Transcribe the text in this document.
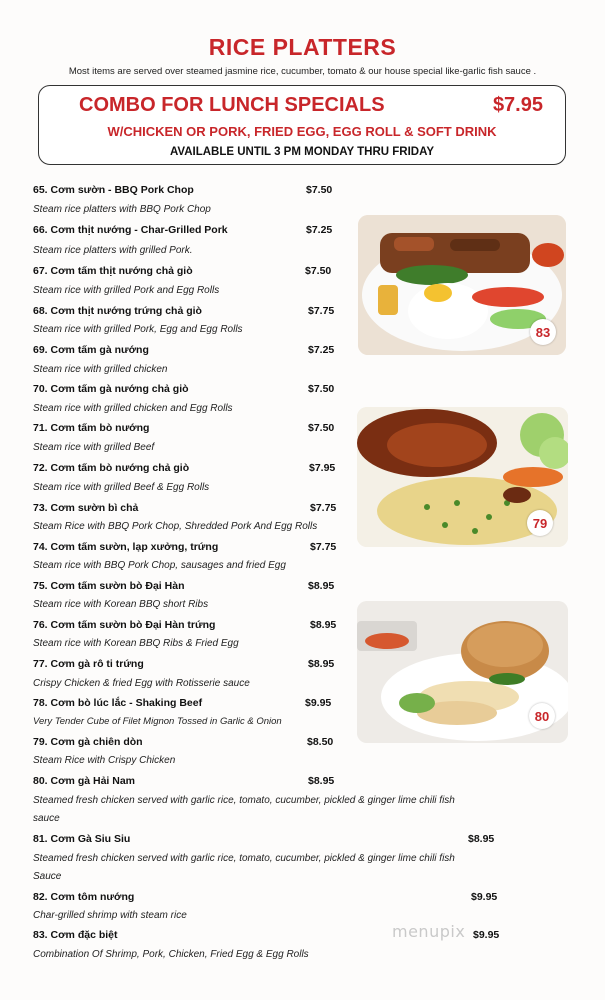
RICE PLATTERS
Most items are served over steamed jasmine rice, cucumber, tomato & our house special like-garlic fish sauce .
COMBO FOR LUNCH SPECIALS	$7.95
W/CHICKEN OR PORK, FRIED EGG, EGG ROLL & SOFT DRINK
AVAILABLE UNTIL 3 PM MONDAY THRU FRIDAY
65. Cơm sườn - BBQ Pork Chop	$7.50
Steam rice platters with BBQ Pork Chop
66. Cơm thịt nướng - Char-Grilled Pork	$7.25
Steam rice platters with grilled Pork.
67. Cơm tấm thịt nướng chả giò	$7.50
Steam rice with grilled Pork and Egg Rolls
68. Cơm thịt nướng trứng chả giò	$7.75
Steam rice with grilled Pork, Egg and Egg Rolls
69. Cơm tấm gà nướng	$7.25
Steam rice with grilled chicken
70. Cơm tấm gà nướng chả giò	$7.50
Steam rice with grilled chicken and Egg Rolls
71. Cơm tấm bò nướng	$7.50
Steam rice with grilled Beef
72. Cơm tấm bò nướng chả giò	$7.95
Steam rice with grilled Beef & Egg Rolls
73. Cơm sườn bì chả	$7.75
Steam Rice with BBQ Pork Chop, Shredded Pork And Egg Rolls
74. Cơm tấm sườn, lạp xưởng, trứng	$7.75
Steam rice with BBQ Pork Chop, sausages and fried Egg
75. Cơm tấm sườn bò Đại Hàn	$8.95
Steam rice with Korean BBQ short Ribs
76. Cơm tấm sườn bò Đại Hàn trứng	$8.95
Steam rice with Korean BBQ Ribs & Fried Egg
77. Cơm gà rô ti trứng	$8.95
Crispy Chicken & fried Egg with Rotisserie sauce
78. Cơm bò lúc lắc - Shaking Beef	$9.95
Very Tender Cube of Filet Mignon Tossed in Garlic & Onion
79. Cơm gà chiên dòn	$8.50
Steam Rice with Crispy Chicken
80. Cơm gà Hải Nam	$8.95
Steamed fresh chicken served with garlic rice, tomato, cucumber, pickled & ginger lime chili fish
sauce
81. Cơm Gà Siu Siu	$8.95
Steamed fresh chicken served with garlic rice, tomato, cucumber, pickled & ginger lime chili fish
Sauce
82. Cơm tôm nướng	$9.95
Char-grilled shrimp with steam rice
83. Cơm đặc biệt	$9.95
Combination Of Shrimp, Pork, Chicken, Fried Egg & Egg Rolls
83
79
80
menupix
